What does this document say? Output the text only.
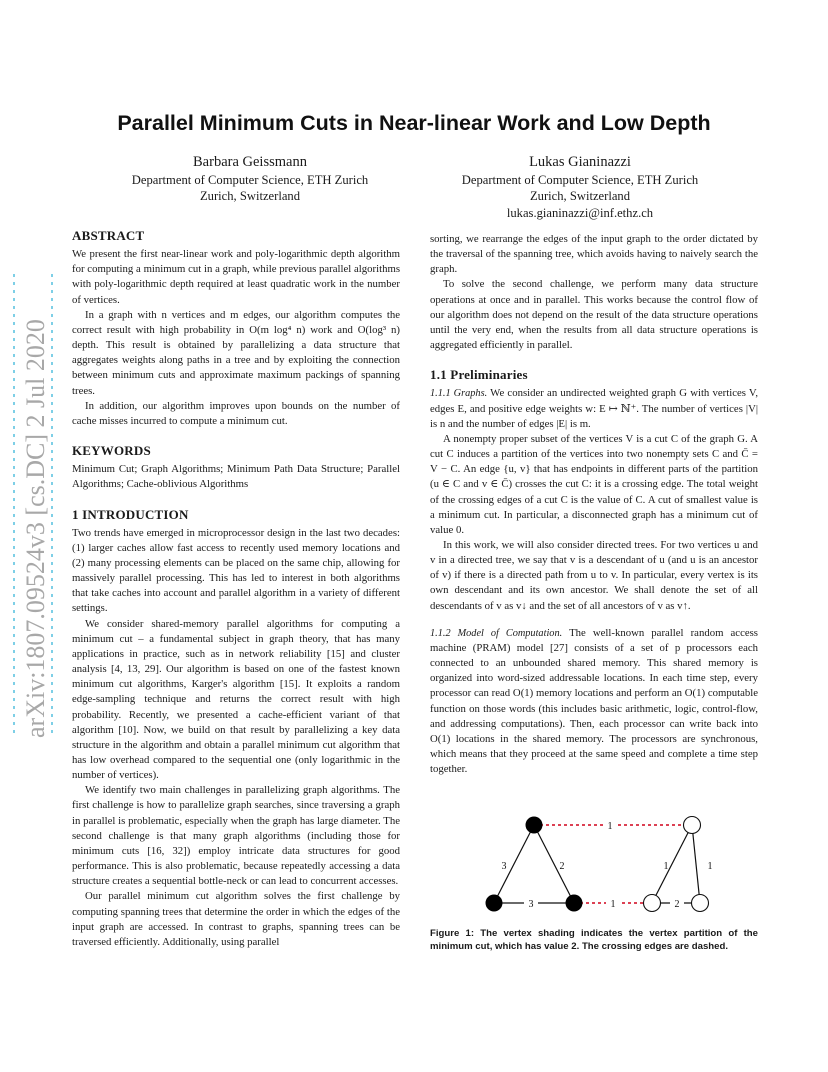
arXiv:1807.09524v3 [cs.DC] 2 Jul 2020
Parallel Minimum Cuts in Near-linear Work and Low Depth
Barbara Geissmann
Department of Computer Science, ETH Zurich
Zurich, Switzerland
Lukas Gianinazzi
Department of Computer Science, ETH Zurich
Zurich, Switzerland
lukas.gianinazzi@inf.ethz.ch
ABSTRACT

We present the first near-linear work and poly-logarithmic depth algorithm for computing a minimum cut in a graph, while previous parallel algorithms with poly-logarithmic depth required at least quadratic work in the number of vertices.

In a graph with n vertices and m edges, our algorithm computes the correct result with high probability in O(m log⁴ n) work and O(log³ n) depth. This result is obtained by parallelizing a data structure that aggregates weights along paths in a tree and by exploiting the connection between minimum cuts and approximate maximum packings of spanning trees.

In addition, our algorithm improves upon bounds on the number of cache misses incurred to compute a minimum cut.

KEYWORDS

Minimum Cut; Graph Algorithms; Minimum Path Data Structure; Parallel Algorithms; Cache-oblivious Algorithms

1 INTRODUCTION

Two trends have emerged in microprocessor design in the last two decades: (1) larger caches allow fast access to recently used memory locations and (2) many processing elements can be placed on the same chip, allowing for massively parallel processing. This has led to interest in both algorithms that take caches into account and parallel algorithm in a variety of different settings.

We consider shared-memory parallel algorithms for computing a minimum cut – a fundamental subject in graph theory, that has many applications in practice, such as in network reliability [15] and cluster analysis [4, 13, 29]. Our algorithm is based on one of the fastest known minimum cut algorithms, Karger's algorithm [15]. It exploits a random edge-sampling technique and returns the correct result with high probability. Recently, we presented a cache-efficient variant of that algorithm [10]. Now, we build on that result by parallelizing a key data structure in the algorithm and obtain a parallel minimum cut algorithm that has low overhead compared to the sequential one (only logarithmic in the number of vertices).

We identify two main challenges in parallelizing graph algorithms. The first challenge is how to parallelize graph searches, since traversing a graph in parallel is problematic, especially when the graph has large diameter. The second challenge is that many graph algorithms (including those for minimum cuts [16, 32]) employ intricate data structures for good performance. This is also problematic, because repeatedly accessing a data structure creates a sequential bottle-neck or can lead to concurrent accesses.

Our parallel minimum cut algorithm solves the first challenge by computing spanning trees that determine the order in which the edges of the input graph are accessed. In contrast to graphs, spanning trees can be traversed efficiently. Additionally, using parallel

sorting, we rearrange the edges of the input graph to the order dictated by the traversal of the spanning tree, which avoids having to naively search the graph.

To solve the second challenge, we perform many data structure operations at once and in parallel. This works because the control flow of our algorithm does not depend on the result of the data structure operations until the very end, when the results from all data structure operations is aggregated efficiently in parallel.

1.1 Preliminaries

1.1.1 Graphs. We consider an undirected weighted graph G with vertices V, edges E, and positive edge weights w: E ↦ ℕ⁺. The number of vertices |V| is n and the number of edges |E| is m.

A nonempty proper subset of the vertices V is a cut C of the graph G. A cut C induces a partition of the vertices into two nonempty sets C and C̄ = V − C. An edge {u, v} that has endpoints in different parts of the partition (u ∈ C and v ∈ C̄) crosses the cut C: it is a crossing edge. The total weight of the crossing edges of a cut C is the value of C. A cut of smallest value is a minimum cut. In particular, a disconnected graph has a minimum cut of value 0.

In this work, we will also consider directed trees. For two vertices u and v in a directed tree, we say that v is a descendant of u (and u is an ancestor of v) if there is a directed path from u to v. In particular, every vertex is its own descendant and its own ancestor. We shall denote the set of all descendants of v as v↓ and the set of all ancestors of v as v↑.

1.1.2 Model of Computation. The well-known parallel random access machine (PRAM) model [27] consists of a set of p processors each connected to an unbounded shared memory. This shared memory is organized into word-sized addressable locations. In each time step, every processor can read O(1) memory locations and perform an O(1) computable function on those words (this includes basic arithmetic, logic, control-flow, and addressing computations). Then, each processor can write back into O(1) locations in the shared memory. The processors are synchronous, which means that they proceed at the same speed and complete a time step together.

1
1
3	2
3
1	1
2
Figure 1: The vertex shading indicates the vertex partition of the minimum cut, which has value 2. The crossing edges are dashed.
